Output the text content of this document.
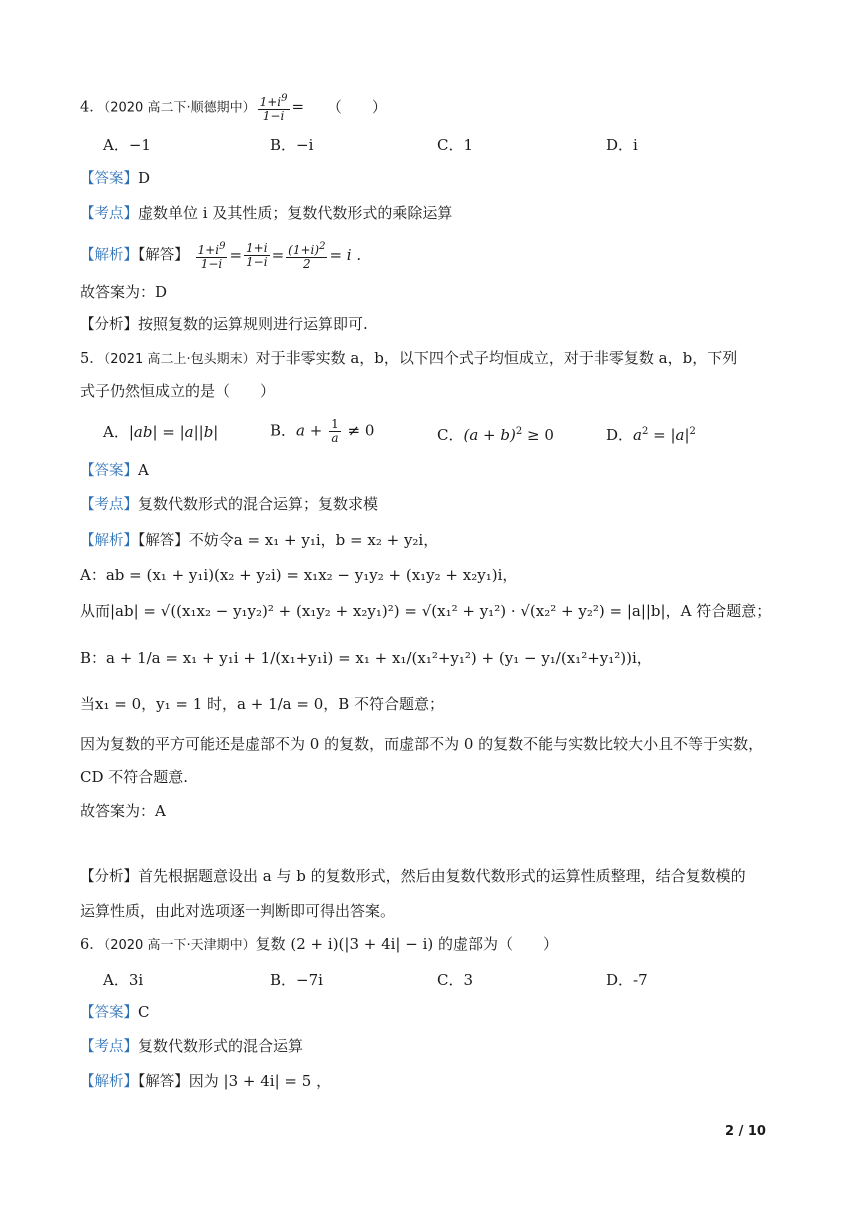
4．（2020 高二下·顺德期中） $\frac{1+i^9}{1-i}$ = （　　）
A．−1	B．−i	C．1	D．i
【答案】D
【考点】虚数单位 i 及其性质；复数代数形式的乘除运算
【解析】【解答】 $\frac{1+i^9}{1-i} = \frac{1+i}{1-i} = \frac{(1+i)^2}{2} = i$ .
故答案为：D
【分析】按照复数的运算规则进行运算即可.
5．（2021 高二上·包头期末）对于非零实数 a，b，以下四个式子均恒成立，对于非零复数 a，b，下列
式子仍然恒成立的是（　　）
A．|ab| = |a||b|	B．$a + \frac{1}{a} \ne 0$	C．$(a + b)^2 \ge 0$	D．$a^2 = |a|^2$
【答案】A
【考点】复数代数形式的混合运算；复数求模
【解析】【解答】不妨令a = x₁ + y₁i，b = x₂ + y₂i，
A：ab = (x₁ + y₁i)(x₂ + y₂i) = x₁x₂ − y₁y₂ + (x₁y₂ + x₂y₁)i，
从而|ab| = √((x₁x₂ − y₁y₂)² + (x₁y₂ + x₂y₁)²) = √(x₁² + y₁²) · √(x₂² + y₂²) = |a||b|，A 符合题意；
B：a + 1/a = x₁ + y₁i + 1/(x₁+y₁i) = x₁ + x₁/(x₁²+y₁²) + (y₁ − y₁/(x₁²+y₁²))i，
当x₁ = 0，y₁ = 1 时，a + 1/a = 0，B 不符合题意；
因为复数的平方可能还是虚部不为 0 的复数，而虚部不为 0 的复数不能与实数比较大小且不等于实数，
CD 不符合题意.
故答案为：A
【分析】首先根据题意设出 a 与 b 的复数形式，然后由复数代数形式的运算性质整理，结合复数模的
运算性质，由此对选项逐一判断即可得出答案。
6．（2020 高一下·天津期中）复数 (2 + i)(|3 + 4i| − i) 的虚部为（　　）
A．3i	B．−7i	C．3	D．-7
【答案】C
【考点】复数代数形式的混合运算
【解析】【解答】因为 |3 + 4i| = 5 ，
2 / 10
